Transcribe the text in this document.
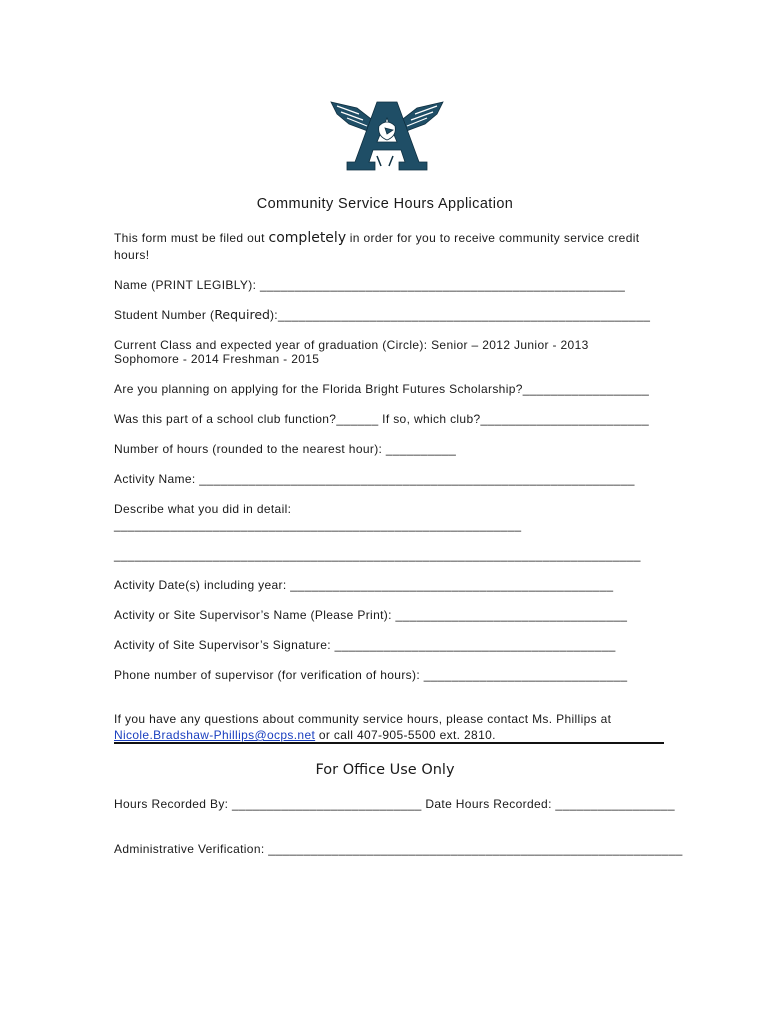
Community Service Hours Application
This form must be filed out completely in order for you to receive community service credit
hours!
Name (PRINT LEGIBLY): ____________________________________________________
Student Number (Required):_____________________________________________________
Current Class and expected year of graduation (Circle): Senior – 2012 Junior - 2013
Sophomore - 2014 Freshman - 2015
Are you planning on applying for the Florida Bright Futures Scholarship?__________________
Was this part of a school club function?______ If so, which club?________________________
Number of hours (rounded to the nearest hour): __________
Activity Name: ______________________________________________________________
Describe what you did in detail:
__________________________________________________________
___________________________________________________________________________
Activity Date(s) including year: ______________________________________________
Activity or Site Supervisor’s Name (Please Print): _________________________________
Activity of Site Supervisor’s Signature: ________________________________________
Phone number of supervisor (for verification of hours): _____________________________
If you have any questions about community service hours, please contact Ms. Phillips at
Nicole.Bradshaw-Phillips@ocps.net or call 407-905-5500 ext. 2810.
For Office Use Only
Hours Recorded By: ___________________________ Date Hours Recorded: _________________
Administrative Verification: ___________________________________________________________
